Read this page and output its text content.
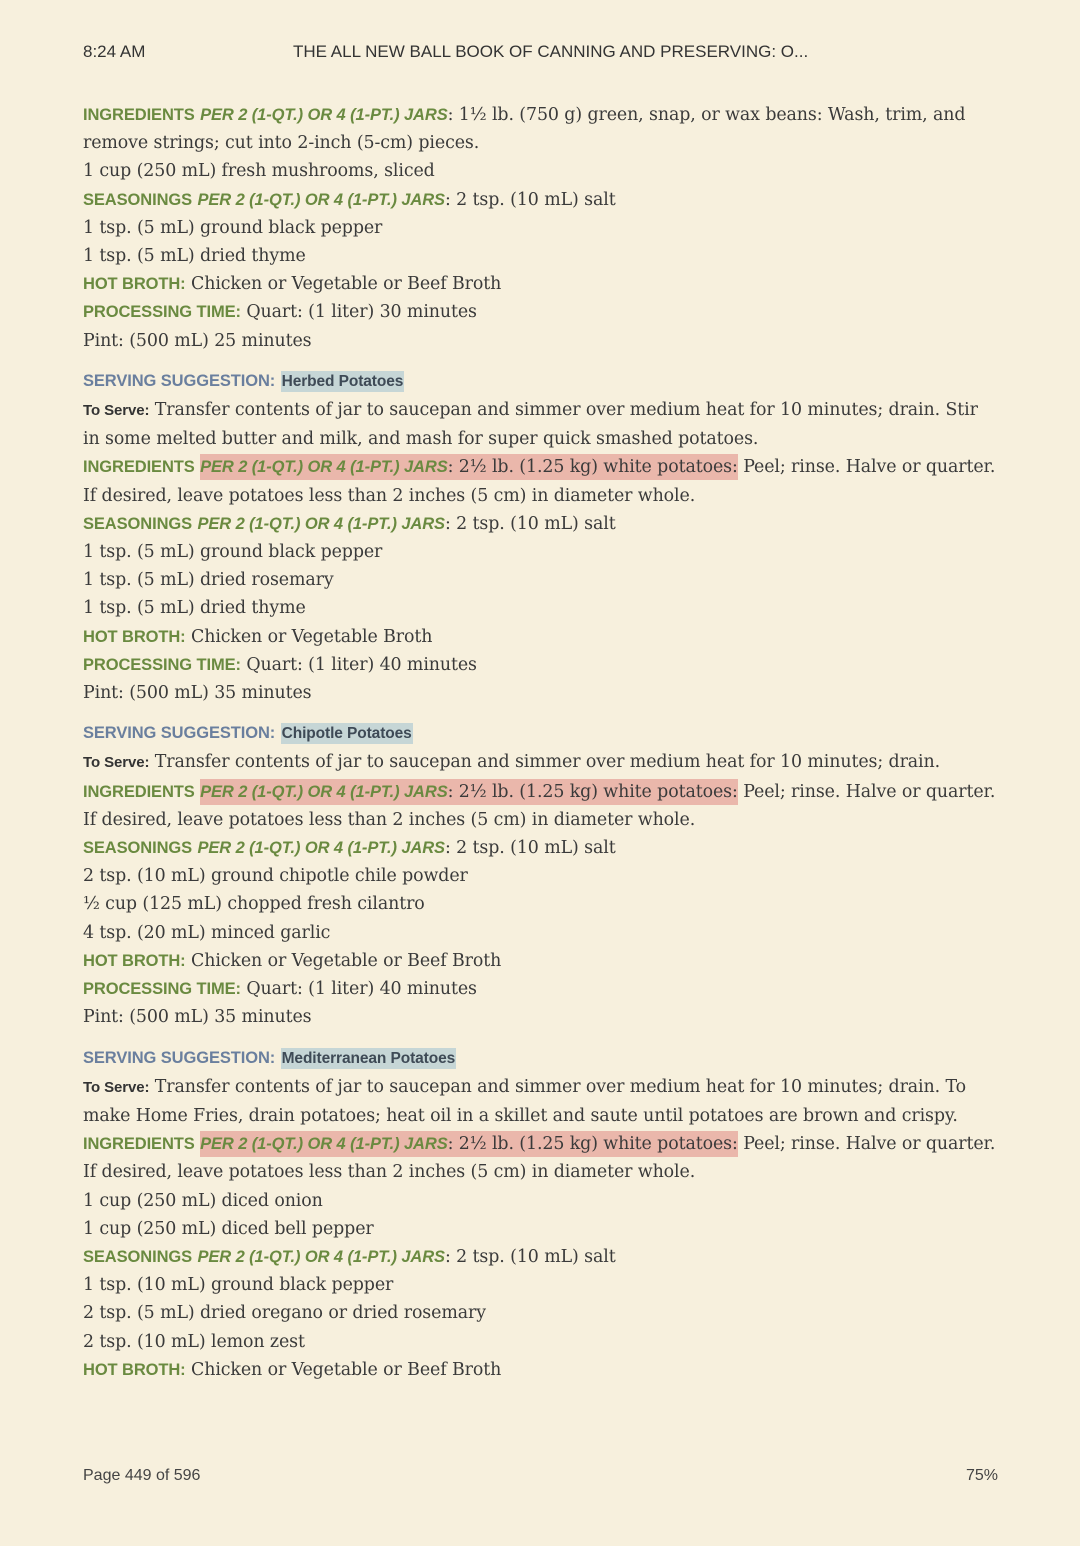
8:24 AM	THE ALL NEW BALL BOOK OF CANNING AND PRESERVING: O...
INGREDIENTS PER 2 (1-QT.) OR 4 (1-PT.) JARS: 1½ lb. (750 g) green, snap, or wax beans: Wash, trim, and
remove strings; cut into 2-inch (5-cm) pieces.
1 cup (250 mL) fresh mushrooms, sliced
SEASONINGS PER 2 (1-QT.) OR 4 (1-PT.) JARS: 2 tsp. (10 mL) salt
1 tsp. (5 mL) ground black pepper
1 tsp. (5 mL) dried thyme
HOT BROTH: Chicken or Vegetable or Beef Broth
PROCESSING TIME: Quart: (1 liter) 30 minutes
Pint: (500 mL) 25 minutes
SERVING SUGGESTION: Herbed Potatoes
To Serve: Transfer contents of jar to saucepan and simmer over medium heat for 10 minutes; drain. Stir
in some melted butter and milk, and mash for super quick smashed potatoes.
INGREDIENTS PER 2 (1-QT.) OR 4 (1-PT.) JARS: 2½ lb. (1.25 kg) white potatoes: Peel; rinse. Halve or quarter.
If desired, leave potatoes less than 2 inches (5 cm) in diameter whole.
SEASONINGS PER 2 (1-QT.) OR 4 (1-PT.) JARS: 2 tsp. (10 mL) salt
1 tsp. (5 mL) ground black pepper
1 tsp. (5 mL) dried rosemary
1 tsp. (5 mL) dried thyme
HOT BROTH: Chicken or Vegetable Broth
PROCESSING TIME: Quart: (1 liter) 40 minutes
Pint: (500 mL) 35 minutes
SERVING SUGGESTION: Chipotle Potatoes
To Serve: Transfer contents of jar to saucepan and simmer over medium heat for 10 minutes; drain.
INGREDIENTS PER 2 (1-QT.) OR 4 (1-PT.) JARS: 2½ lb. (1.25 kg) white potatoes: Peel; rinse. Halve or quarter.
If desired, leave potatoes less than 2 inches (5 cm) in diameter whole.
SEASONINGS PER 2 (1-QT.) OR 4 (1-PT.) JARS: 2 tsp. (10 mL) salt
2 tsp. (10 mL) ground chipotle chile powder
½ cup (125 mL) chopped fresh cilantro
4 tsp. (20 mL) minced garlic
HOT BROTH: Chicken or Vegetable or Beef Broth
PROCESSING TIME: Quart: (1 liter) 40 minutes
Pint: (500 mL) 35 minutes
SERVING SUGGESTION: Mediterranean Potatoes
To Serve: Transfer contents of jar to saucepan and simmer over medium heat for 10 minutes; drain. To
make Home Fries, drain potatoes; heat oil in a skillet and saute until potatoes are brown and crispy.
INGREDIENTS PER 2 (1-QT.) OR 4 (1-PT.) JARS: 2½ lb. (1.25 kg) white potatoes: Peel; rinse. Halve or quarter.
If desired, leave potatoes less than 2 inches (5 cm) in diameter whole.
1 cup (250 mL) diced onion
1 cup (250 mL) diced bell pepper
SEASONINGS PER 2 (1-QT.) OR 4 (1-PT.) JARS: 2 tsp. (10 mL) salt
1 tsp. (10 mL) ground black pepper
2 tsp. (5 mL) dried oregano or dried rosemary
2 tsp. (10 mL) lemon zest
HOT BROTH: Chicken or Vegetable or Beef Broth
Page 449 of 596	75%
